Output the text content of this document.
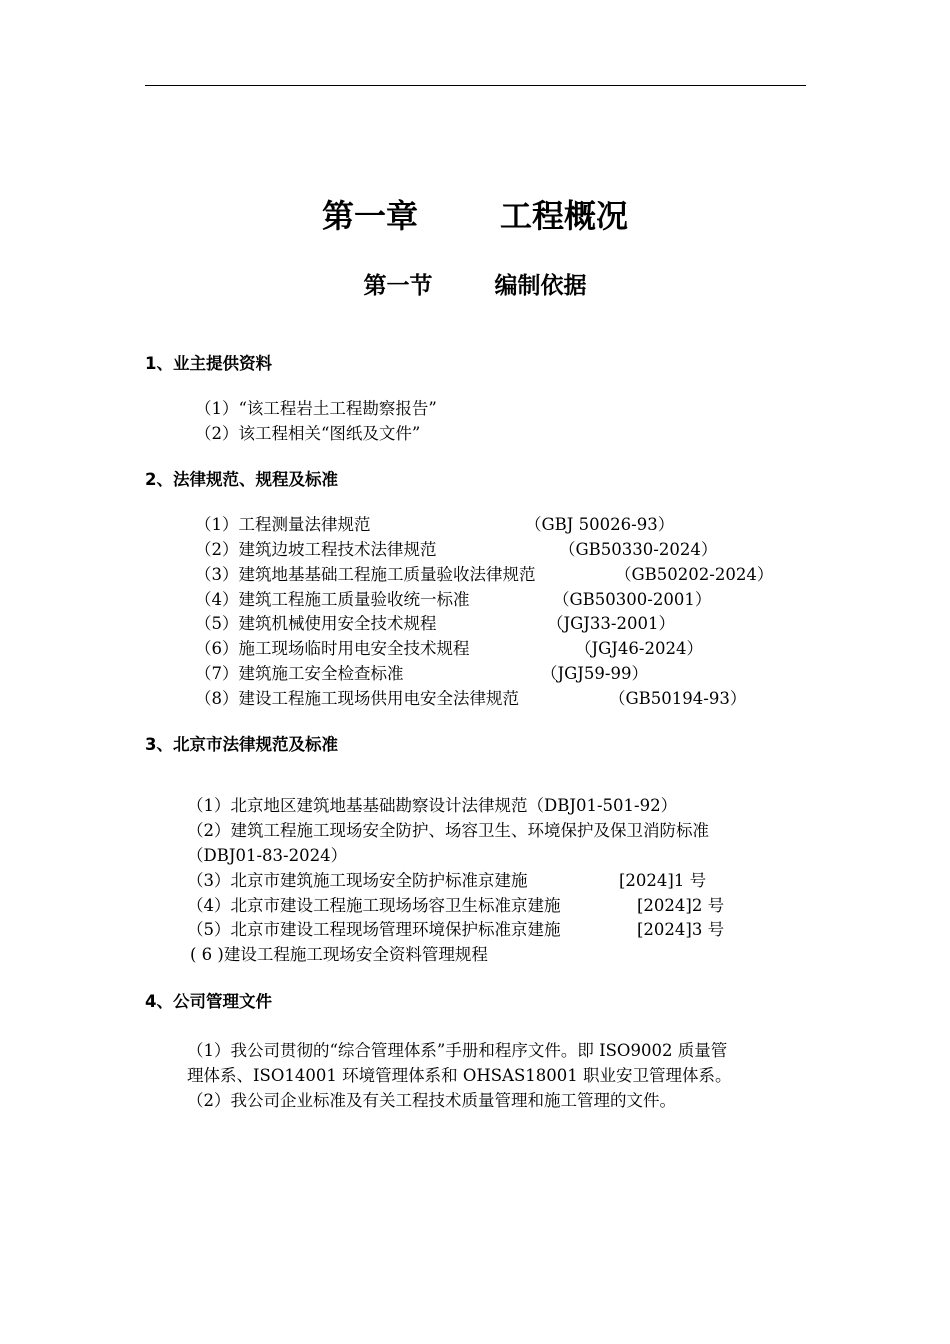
第一章	工程概况
第一节	编制依据
1、业主提供资料
（1）“该工程岩土工程勘察报告”
（2）该工程相关“图纸及文件”
2、法律规范、规程及标准
（1）工程测量法律规范	（GBJ 50026-93）
（2）建筑边坡工程技术法律规范	（GB50330-2024）
（3）建筑地基基础工程施工质量验收法律规范	（GB50202-2024）
（4）建筑工程施工质量验收统一标准	（GB50300-2001）
（5）建筑机械使用安全技术规程	（JGJ33-2001）
（6）施工现场临时用电安全技术规程	（JGJ46-2024）
（7）建筑施工安全检查标准	（JGJ59-99）
（8）建设工程施工现场供用电安全法律规范	（GB50194-93）
3、北京市法律规范及标准
（1）北京地区建筑地基基础勘察设计法律规范（DBJ01-501-92）
（2）建筑工程施工现场安全防护、场容卫生、环境保护及保卫消防标准
（DBJ01-83-2024）
（3）北京市建筑施工现场安全防护标准京建施	[2024]1 号
（4）北京市建设工程施工现场场容卫生标准京建施	[2024]2 号
（5）北京市建设工程现场管理环境保护标准京建施	[2024]3 号
( 6 )建设工程施工现场安全资料管理规程
4、公司管理文件
（1）我公司贯彻的“综合管理体系”手册和程序文件。即 ISO9002 质量管
理体系、ISO14001 环境管理体系和 OHSAS18001 职业安卫管理体系。
（2）我公司企业标准及有关工程技术质量管理和施工管理的文件。
